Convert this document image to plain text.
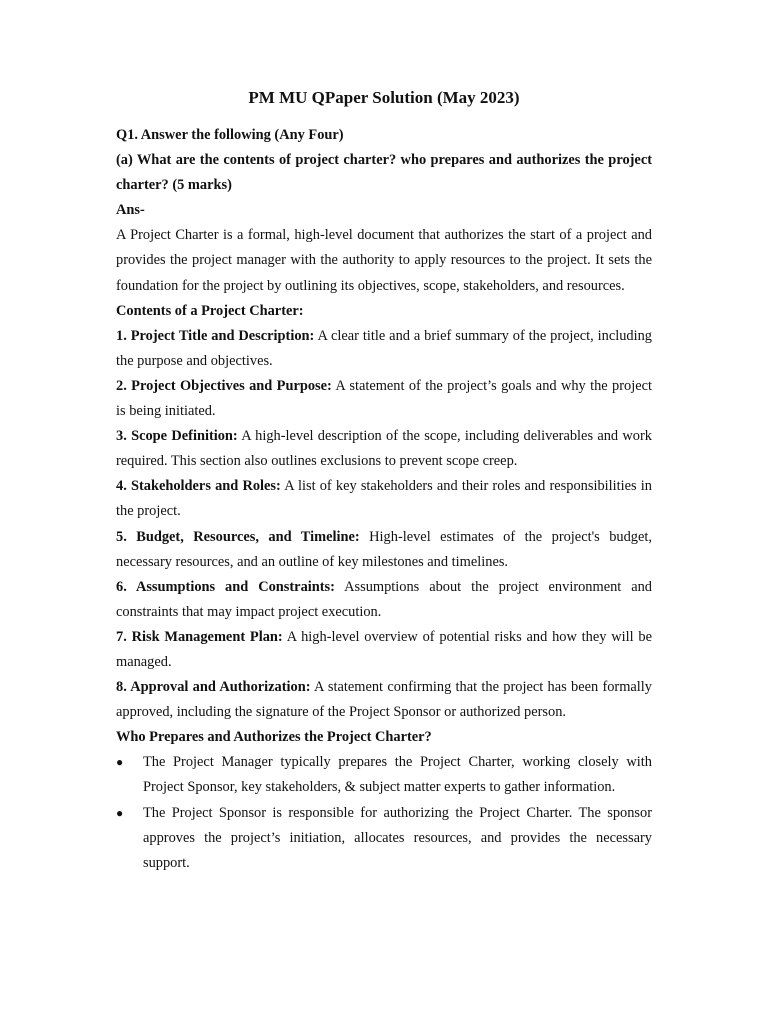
PM MU QPaper Solution (May 2023)

Q1. Answer the following (Any Four)

(a) What are the contents of project charter? who prepares and authorizes the project charter? (5 marks)

Ans-

A Project Charter is a formal, high-level document that authorizes the start of a project and provides the project manager with the authority to apply resources to the project. It sets the foundation for the project by outlining its objectives, scope, stakeholders, and resources.

Contents of a Project Charter:

1. Project Title and Description: A clear title and a brief summary of the project, including the purpose and objectives.

2. Project Objectives and Purpose: A statement of the project’s goals and why the project is being initiated.

3. Scope Definition: A high-level description of the scope, including deliverables and work required. This section also outlines exclusions to prevent scope creep.

4. Stakeholders and Roles: A list of key stakeholders and their roles and responsibilities in the project.

5. Budget, Resources, and Timeline: High-level estimates of the project's budget, necessary resources, and an outline of key milestones and timelines.

6. Assumptions and Constraints: Assumptions about the project environment and constraints that may impact project execution.

7. Risk Management Plan: A high-level overview of potential risks and how they will be managed.

8. Approval and Authorization: A statement confirming that the project has been formally approved, including the signature of the Project Sponsor or authorized person.

Who Prepares and Authorizes the Project Charter?

● The Project Manager typically prepares the Project Charter, working closely with Project Sponsor, key stakeholders, & subject matter experts to gather information.
● The Project Sponsor is responsible for authorizing the Project Charter. The sponsor approves the project’s initiation, allocates resources, and provides the necessary support.
